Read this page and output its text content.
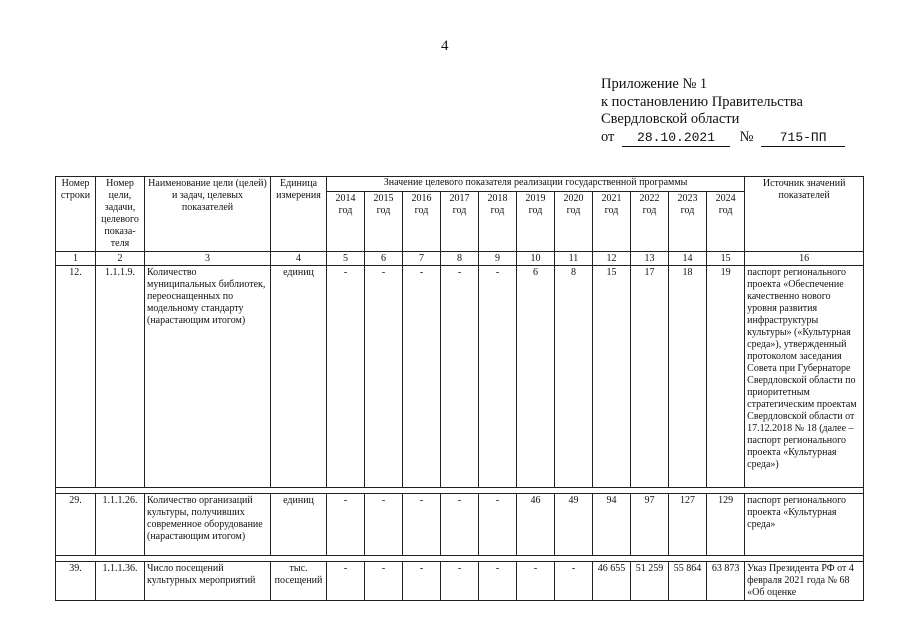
4
Приложение № 1
к постановлению Правительства
Свердловской области
от 28.10.2021 № 715-ПП
Номер строки	Номер цели, задачи, целевого показа-теля	Наименование цели (целей) и задач, целевых показателей	Единица измерения	Значение целевого показателя реализации государственной программы											Источник значений показателей
				2014 год	2015 год	2016 год	2017 год	2018 год	2019 год	2020 год	2021 год	2022 год	2023 год	2024 год	
1	2	3	4	5	6	7	8	9	10	11	12	13	14	15	16
12.	1.1.1.9.	Количество муниципальных библиотек, переоснащенных по модельному стандарту (нарастающим итогом)	единиц	-	-	-	-	-	6	8	15	17	18	19	паспорт регионального проекта «Обеспечение качественно нового уровня развития инфраструктуры культуры» («Культурная среда»), утвержденный протоколом заседания Совета при Губернаторе Свердловской области по приоритетным стратегическим проектам Свердловской области от 17.12.2018 № 18 (далее – паспорт регионального проекта «Культурная среда»)

29.	1.1.1.26.	Количество организаций культуры, получивших современное оборудование (нарастающим итогом)	единиц	-	-	-	-	-	46	49	94	97	127	129	паспорт регионального проекта «Культурная среда»

39.	1.1.1.36.	Число посещений культурных мероприятий	тыс. посещений	-	-	-	-	-	-	-	46 655	51 259	55 864	63 873	Указ Президента РФ от 4 февраля 2021 года № 68 «Об оценке
